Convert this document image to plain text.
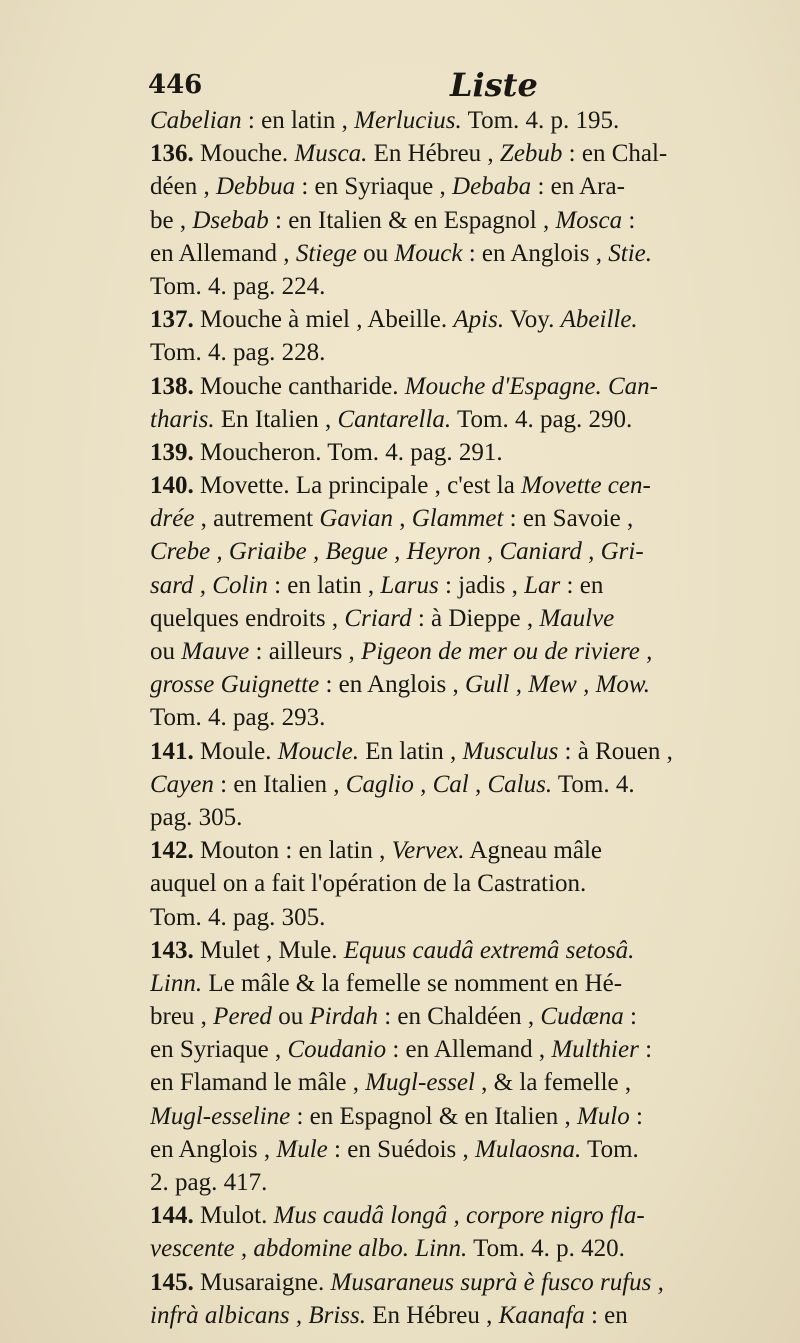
446	Liste
Cabelian : en latin , Merlucius. Tom. 4. p. 195.
136. Mouche. Musca. En Hébreu , Zebub : en Chal-
déen , Debbua : en Syriaque , Debaba : en Ara-
be , Dsebab : en Italien & en Espagnol , Mosca :
en Allemand , Stiege ou Mouck : en Anglois , Stie.
Tom. 4. pag. 224.
137. Mouche à miel , Abeille. Apis. Voy. Abeille.
Tom. 4. pag. 228.
138. Mouche cantharide. Mouche d'Espagne. Can-
tharis. En Italien , Cantarella. Tom. 4. pag. 290.
139. Moucheron. Tom. 4. pag. 291.
140. Movette. La principale , c'est la Movette cen-
drée , autrement Gavian , Glammet : en Savoie ,
Crebe , Griaibe , Begue , Heyron , Caniard , Gri-
sard , Colin : en latin , Larus : jadis , Lar : en
quelques endroits , Criard : à Dieppe , Maulve
ou Mauve : ailleurs , Pigeon de mer ou de riviere ,
grosse Guignette : en Anglois , Gull , Mew , Mow.
Tom. 4. pag. 293.
141. Moule. Moucle. En latin , Musculus : à Rouen ,
Cayen : en Italien , Caglio , Cal , Calus. Tom. 4.
pag. 305.
142. Mouton : en latin , Vervex. Agneau mâle
auquel on a fait l'opération de la Castration.
Tom. 4. pag. 305.
143. Mulet , Mule. Equus caudâ extremâ setosâ.
Linn. Le mâle & la femelle se nomment en Hé-
breu , Pered ou Pirdah : en Chaldéen , Cudæna :
en Syriaque , Coudanio : en Allemand , Multhier :
en Flamand le mâle , Mugl-essel , & la femelle ,
Mugl-esseline : en Espagnol & en Italien , Mulo :
en Anglois , Mule : en Suédois , Mulaosna. Tom.
2. pag. 417.
144. Mulot. Mus caudâ longâ , corpore nigro fla-
vescente , abdomine albo. Linn. Tom. 4. p. 420.
145. Musaraigne. Musaraneus suprà è fusco rufus ,
infrà albicans , Briss. En Hébreu , Kaanafa : en
